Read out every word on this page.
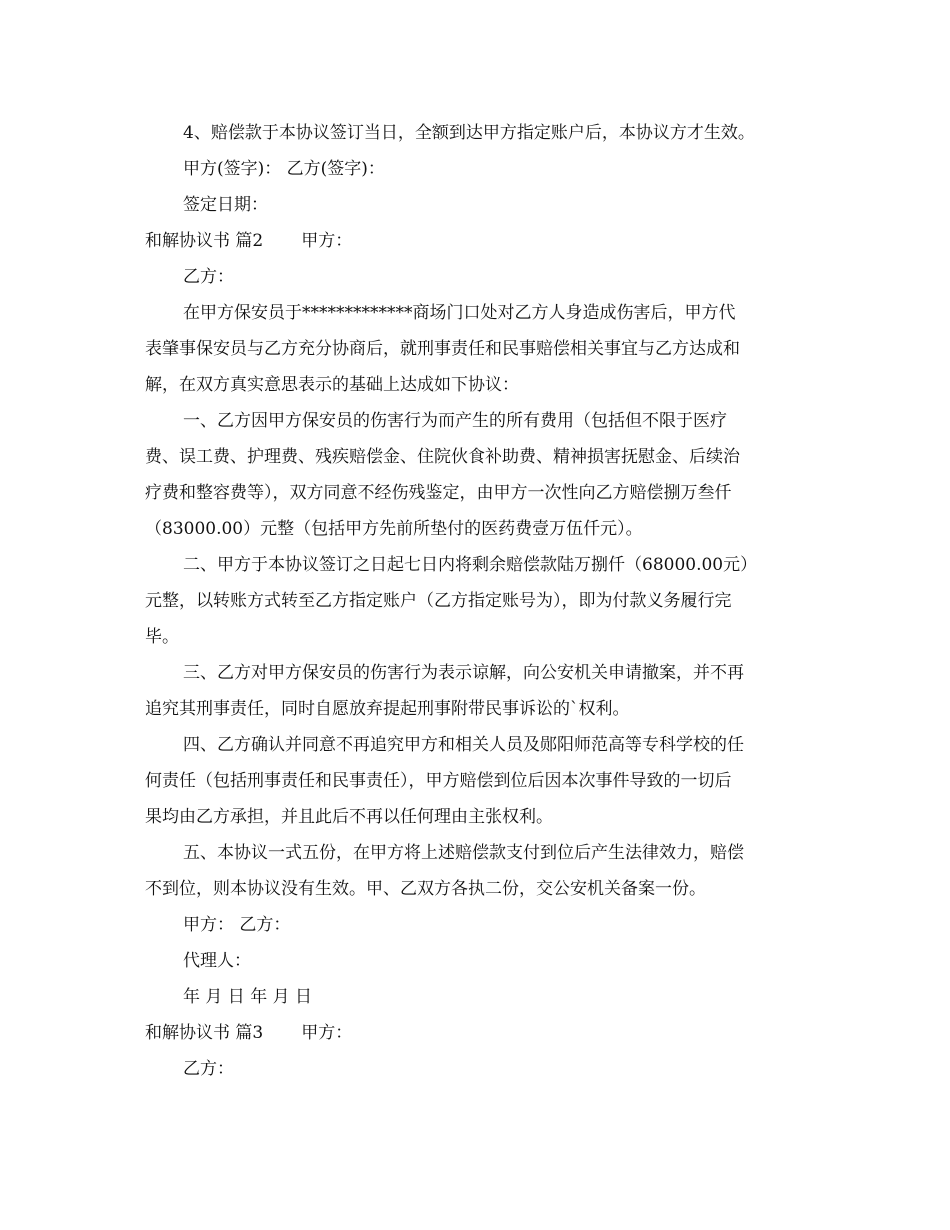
4、赔偿款于本协议签订当日，全额到达甲方指定账户后，本协议方才生效。
甲方(签字)： 乙方(签字)：
签定日期：
和解协议书 篇2 甲方：
乙方：
在甲方保安员于*************商场门口处对乙方人身造成伤害后，甲方代
表肇事保安员与乙方充分协商后，就刑事责任和民事赔偿相关事宜与乙方达成和
解，在双方真实意思表示的基础上达成如下协议：
一、乙方因甲方保安员的伤害行为而产生的所有费用（包括但不限于医疗
费、误工费、护理费、残疾赔偿金、住院伙食补助费、精神损害抚慰金、后续治
疗费和整容费等），双方同意不经伤残鉴定，由甲方一次性向乙方赔偿捌万叁仟
（83000.00）元整（包括甲方先前所垫付的医药费壹万伍仟元）。
二、甲方于本协议签订之日起七日内将剩余赔偿款陆万捌仟（68000.00元）
元整，以转账方式转至乙方指定账户（乙方指定账号为），即为付款义务履行完
毕。
三、乙方对甲方保安员的伤害行为表示谅解，向公安机关申请撤案，并不再
追究其刑事责任，同时自愿放弃提起刑事附带民事诉讼的`权利。
四、乙方确认并同意不再追究甲方和相关人员及郧阳师范高等专科学校的任
何责任（包括刑事责任和民事责任），甲方赔偿到位后因本次事件导致的一切后
果均由乙方承担，并且此后不再以任何理由主张权利。
五、本协议一式五份，在甲方将上述赔偿款支付到位后产生法律效力，赔偿
不到位，则本协议没有生效。甲、乙双方各执二份，交公安机关备案一份。
甲方： 乙方：
代理人：
年 月 日 年 月 日
和解协议书 篇3 甲方：
乙方：
